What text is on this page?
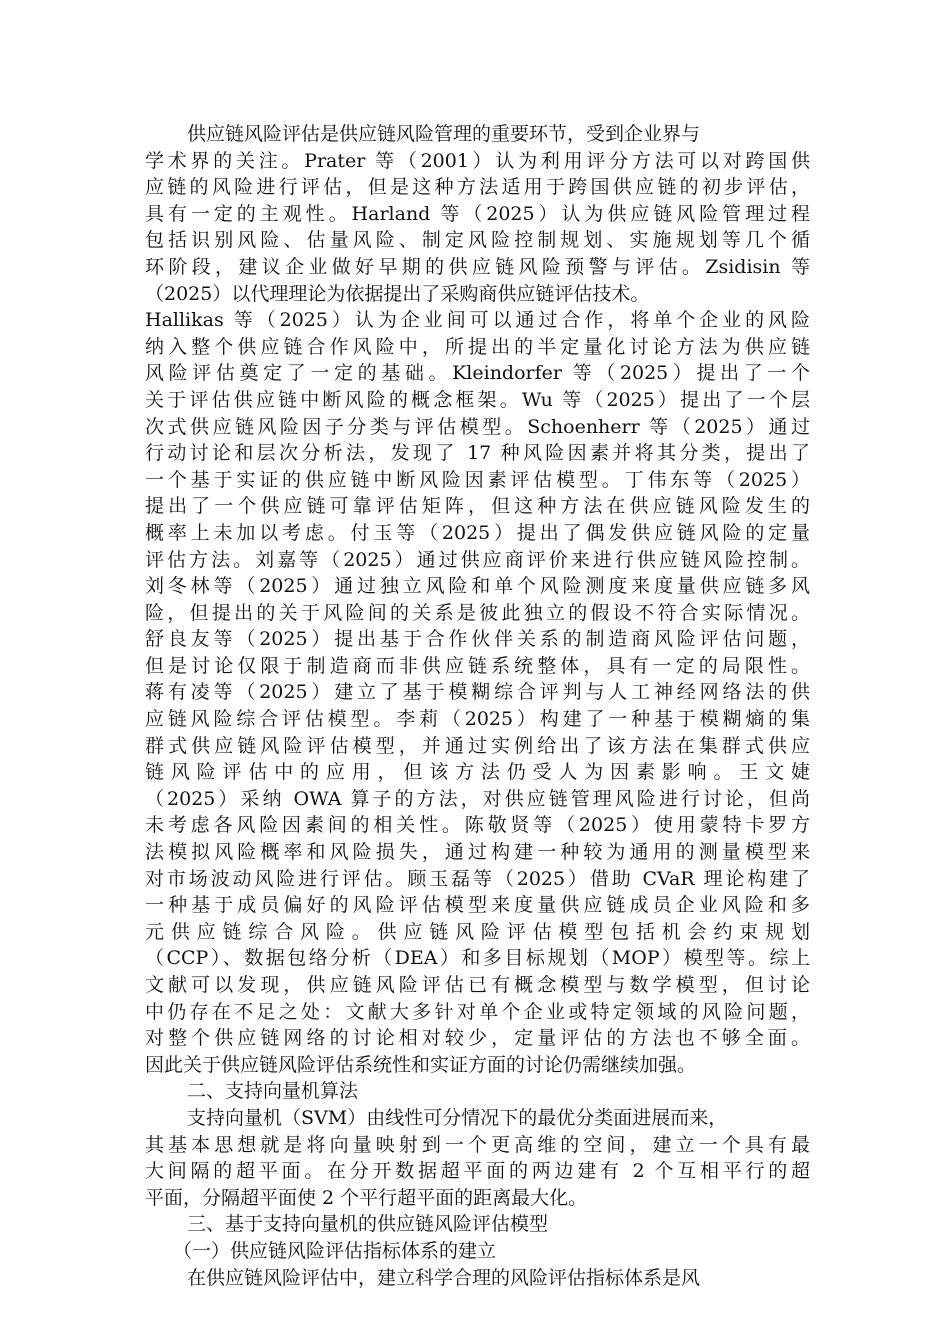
供应链风险评估是供应链风险管理的重要环节，受到企业界与
学术界的关注。Prater 等（2001）认为利用评分方法可以对跨国供
应链的风险进行评估，但是这种方法适用于跨国供应链的初步评估，
具有一定的主观性。Harland 等（2025）认为供应链风险管理过程
包括识别风险、估量风险、制定风险控制规划、实施规划等几个循
环阶段，建议企业做好早期的供应链风险预警与评估。Zsidisin 等
（2025）以代理理论为依据提出了采购商供应链评估技术。
Hallikas 等（2025）认为企业间可以通过合作，将单个企业的风险
纳入整个供应链合作风险中，所提出的半定量化讨论方法为供应链
风险评估奠定了一定的基础。Kleindorfer 等（2025）提出了一个
关于评估供应链中断风险的概念框架。Wu 等（2025）提出了一个层
次式供应链风险因子分类与评估模型。Schoenherr 等（2025）通过
行动讨论和层次分析法，发现了 17 种风险因素并将其分类，提出了
一个基于实证的供应链中断风险因素评估模型。丁伟东等（2025）
提出了一个供应链可靠评估矩阵，但这种方法在供应链风险发生的
概率上未加以考虑。付玉等（2025）提出了偶发供应链风险的定量
评估方法。刘嘉等（2025）通过供应商评价来进行供应链风险控制。
刘冬林等（2025）通过独立风险和单个风险测度来度量供应链多风
险，但提出的关于风险间的关系是彼此独立的假设不符合实际情况。
舒良友等（2025）提出基于合作伙伴关系的制造商风险评估问题，
但是讨论仅限于制造商而非供应链系统整体，具有一定的局限性。
蒋有凌等（2025）建立了基于模糊综合评判与人工神经网络法的供
应链风险综合评估模型。李莉（2025）构建了一种基于模糊熵的集
群式供应链风险评估模型，并通过实例给出了该方法在集群式供应
链风险评估中的应用，但该方法仍受人为因素影响。王文婕
（2025）采纳 OWA 算子的方法，对供应链管理风险进行讨论，但尚
未考虑各风险因素间的相关性。陈敬贤等（2025）使用蒙特卡罗方
法模拟风险概率和风险损失，通过构建一种较为通用的测量模型来
对市场波动风险进行评估。顾玉磊等（2025）借助 CVaR 理论构建了
一种基于成员偏好的风险评估模型来度量供应链成员企业风险和多
元供应链综合风险。供应链风险评估模型包括机会约束规划
（CCP）、数据包络分析（DEA）和多目标规划（MOP）模型等。综上
文献可以发现，供应链风险评估已有概念模型与数学模型，但讨论
中仍存在不足之处：文献大多针对单个企业或特定领域的风险问题，
对整个供应链网络的讨论相对较少，定量评估的方法也不够全面。
因此关于供应链风险评估系统性和实证方面的讨论仍需继续加强。
二、支持向量机算法
支持向量机（SVM）由线性可分情况下的最优分类面进展而来，
其基本思想就是将向量映射到一个更高维的空间，建立一个具有最
大间隔的超平面。在分开数据超平面的两边建有 2 个互相平行的超
平面，分隔超平面使 2 个平行超平面的距离最大化。
三、基于支持向量机的供应链风险评估模型
（一）供应链风险评估指标体系的建立
在供应链风险评估中，建立科学合理的风险评估指标体系是风
